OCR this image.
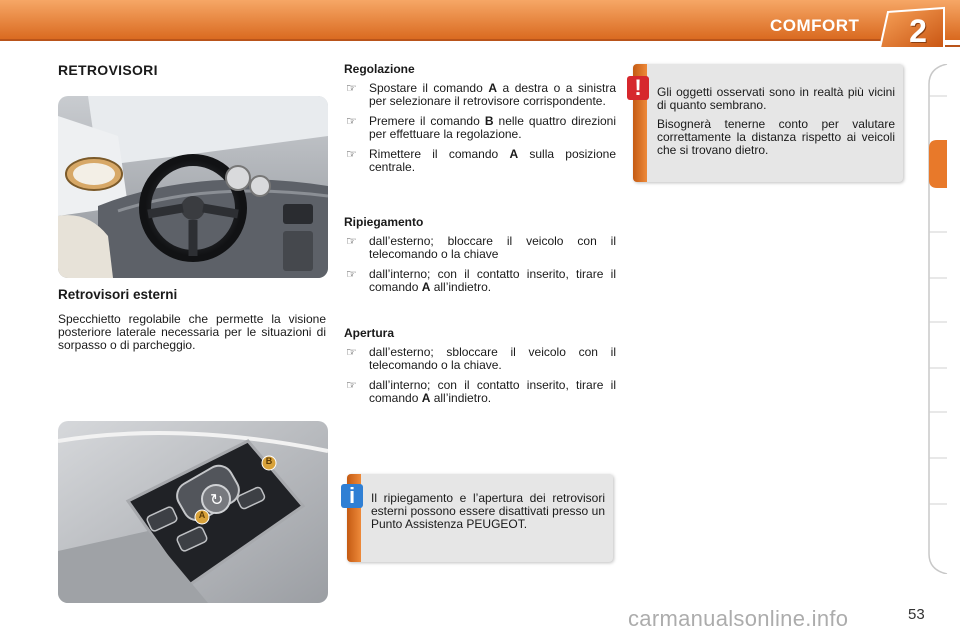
COMFORT	2
RETROVISORI
Retrovisori esterni
Specchietto regolabile che permette la visione posteriore laterale necessaria per le situazioni di sorpasso o di parcheggio.
↻
B
A
Regolazione
☞ Spostare il comando A a destra o a sinistra per selezionare il retrovisore corrispondente.
☞ Premere il comando B nelle quattro direzioni per effettuare la regolazione.
☞ Rimettere il comando A sulla posizione centrale.
Ripiegamento
☞ dall’esterno; bloccare il veicolo con il telecomando o la chiave
☞ dall’interno; con il contatto inserito, tirare il comando A all’indietro.
Apertura
☞ dall’esterno; sbloccare il veicolo con il telecomando o la chiave.
☞ dall’interno; con il contatto inserito, tirare il comando A all’indietro.
Il ripiegamento e l’apertura dei retrovisori esterni possono essere disattivati presso un Punto Assistenza PEUGEOT.
i

Gli oggetti osservati sono in realtà più vicini di quanto sembrano.

Bisognerà tenerne conto per valutare correttamente la distanza rispetto ai veicoli che si trovano dietro.

!
carmanualsonline.info	53
